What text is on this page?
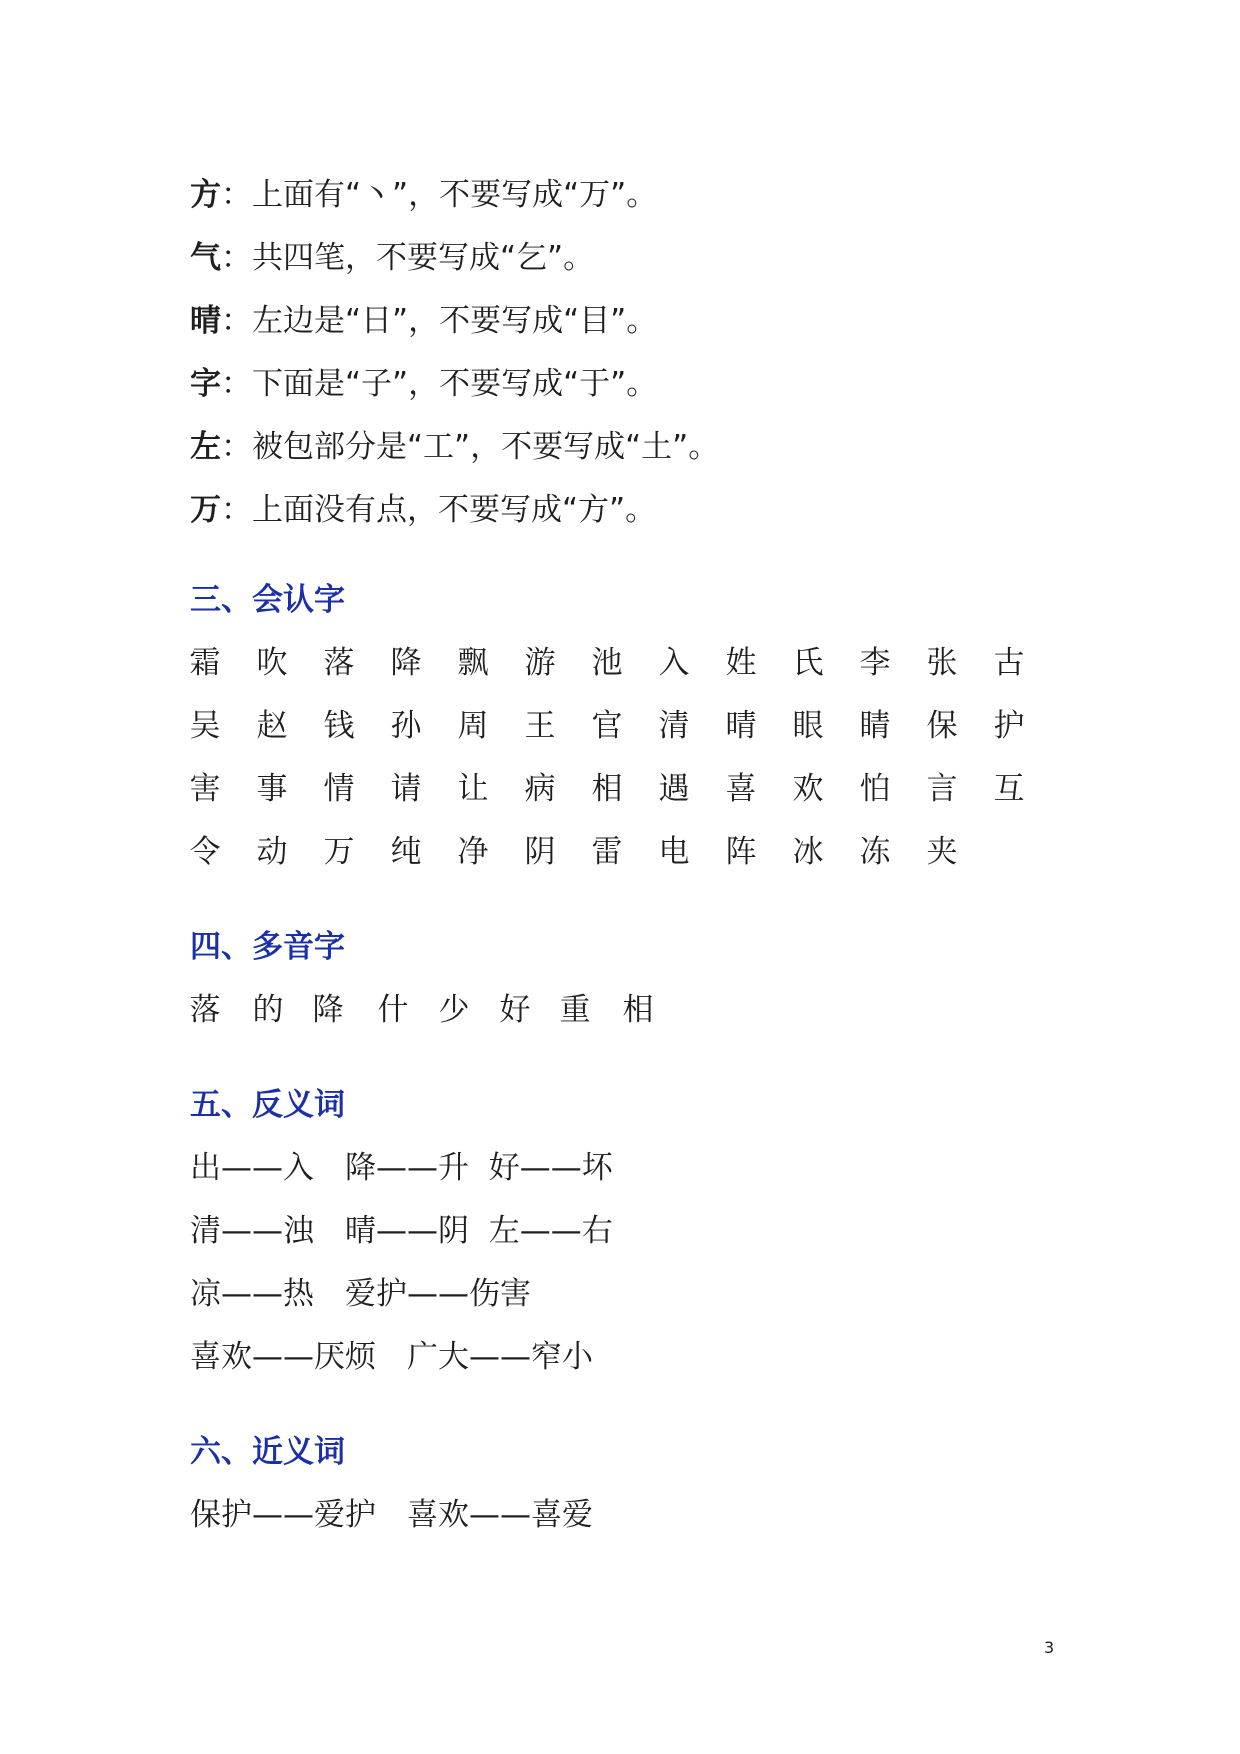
方：上面有“丶”，不要写成“万”。
气：共四笔，不要写成“乞”。
晴：左边是“日”，不要写成“目”。
字：下面是“子”，不要写成“于”。
左：被包部分是“工”，不要写成“土”。
万：上面没有点，不要写成“方”。
三、会认字
霜 吹 落 降 飘 游 池 入 姓 氏 李 张 古
吴 赵 钱 孙 周 王 官 清 晴 眼 睛 保 护
害 事 情 请 让 病 相 遇 喜 欢 怕 言 互
令 动 万 纯 净 阴 雷 电 阵 冰 冻 夹
四、多音字
落 的 降 什 少 好 重 相
五、反义词
出——入　降——升  好——坏
清——浊　晴——阴  左——右
凉——热　爱护——伤害
喜欢——厌烦　广大——窄小
六、近义词
保护——爱护　喜欢——喜爱
3
